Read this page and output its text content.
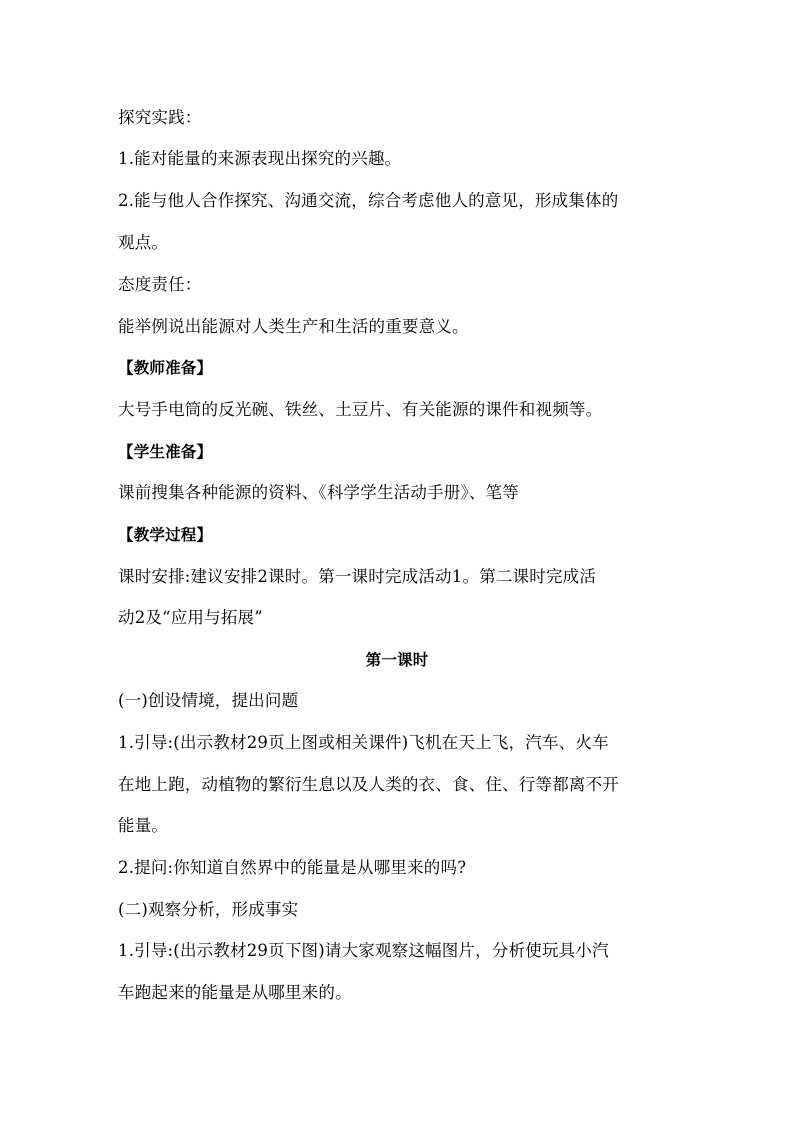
探究实践：
1.能对能量的来源表现出探究的兴趣。
2.能与他人合作探究、沟通交流，综合考虑他人的意见，形成集体的
观点。
态度责任：
能举例说出能源对人类生产和生活的重要意义。
【教师准备】
大号手电筒的反光碗、铁丝、土豆片、有关能源的课件和视频等。
【学生准备】
课前搜集各种能源的资料、《科学学生活动手册》、笔等
【教学过程】
课时安排:建议安排2课时。第一课时完成活动1。第二课时完成活
动2及“应用与拓展”
第一课时
(一)创设情境，提出问题
1.引导:(出示教材29页上图或相关课件)飞机在天上飞，汽车、火车
在地上跑，动植物的繁衍生息以及人类的衣、食、住、行等都离不开
能量。
2.提问:你知道自然界中的能量是从哪里来的吗?
(二)观察分析，形成事实
1.引导:(出示教材29页下图)请大家观察这幅图片，分析使玩具小汽
车跑起来的能量是从哪里来的。
